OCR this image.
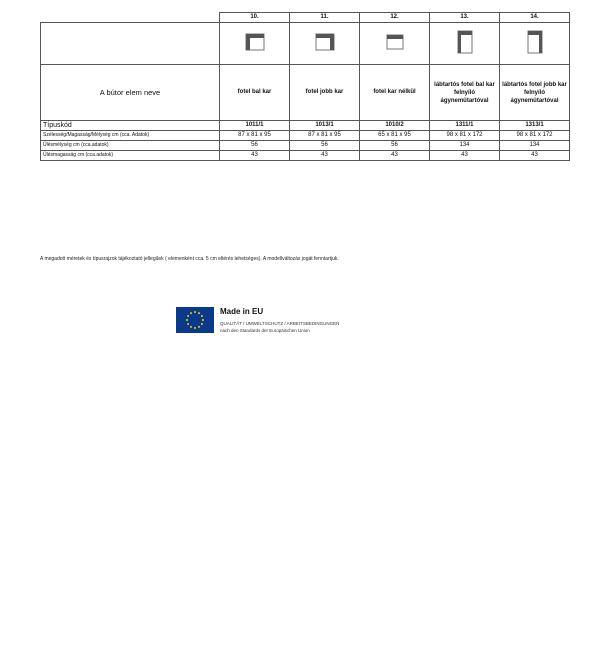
	10.	11.	12.	13.	14.

A bútor elem neve	fotel bal kar	fotel jobb kar	fotel kar nélkül	lábtartós fotel bal kar felnyíló ágynemûtartóval	lábtartós fotel jobb kar felnyíló ágynemûtartóval
Típuskód	1011/1	1013/1	1010/2	1311/1	1313/1
Szélesség/Magasság/Mélység cm (cca. Adatok)	87 x 81 x 95	87 x 81 x 95	65 x 81 x 95	98 x 81 x 172	98 x 81 x 172
Ülésmélység cm (cca.adatok)	56	56	56	134	134
Ülésmagasság cm (cca.adatok)	43	43	43	43	43
A megadott méretek és típusrajzok tájékoztató jellegűek ( elemenként cca. 5 cm eltérés lehetséges). A modellváltozás jogát fenntartjuk.
Made in EU
QUALITÄT / UMWELTSCHUTZ / ARBEITSBEDINGUNGEN
nach den Standards der Europäischen Union
